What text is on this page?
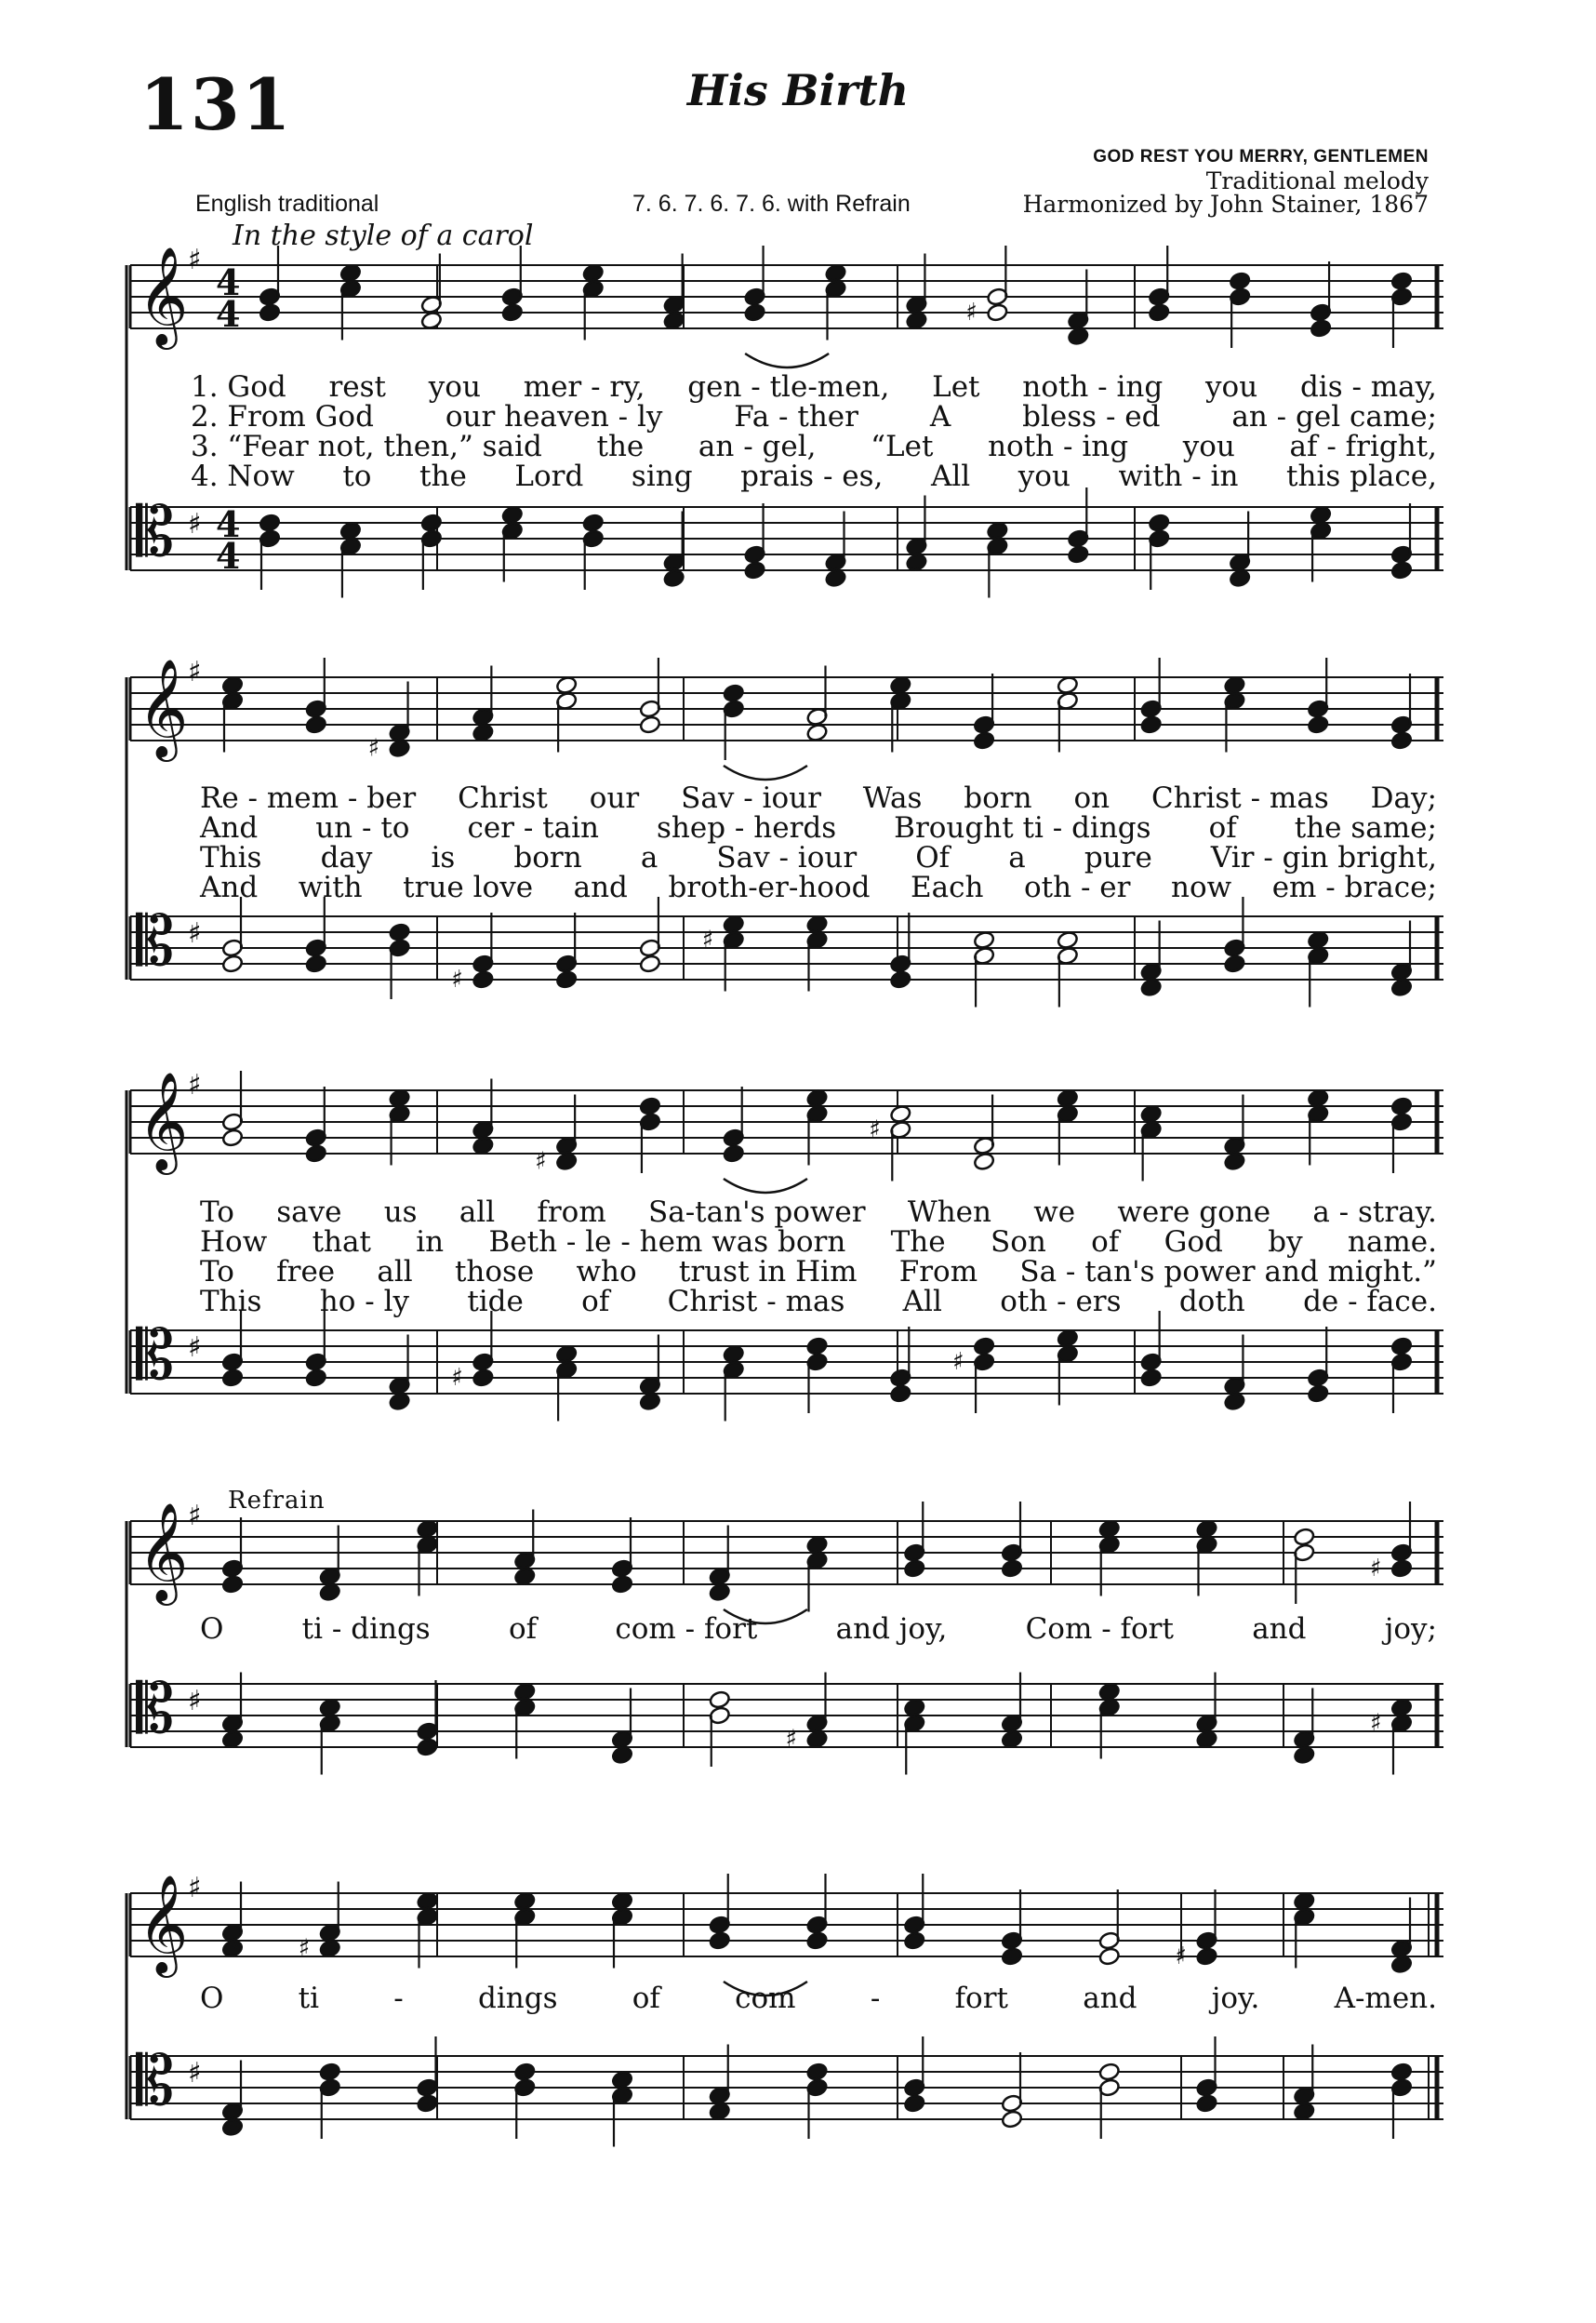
131	His Birth
GOD REST YOU MERRY, GENTLEMEN
Traditional melody
Harmonized by John Stainer, 1867
English traditional	7. 6. 7. 6. 7. 6. with Refrain
In the style of a carol
Refrain
𝄞 ♯
4
4
𝄡 ♯ 4
4
♯
𝄞 ♯
𝄡 ♯
♯
♯
♯
𝄞 ♯
𝄡 ♯
♯
♯
♯
♯
𝄞 ♯
𝄡 ♯
♯
♯
♯
𝄞 ♯
𝄡 ♯
♯	♯
1. God rest you mer - ry, gen - tle-men, Let noth - ing you dis - may,
2. From God our heaven - ly Fa - ther A bless - ed an - gel came;
3. “Fear not, then,” said the an - gel, “Let noth - ing you af - fright,
4. Now to the Lord sing prais - es, All you with - in this place,
Re - mem - ber Christ our Sav - iour Was born on Christ - mas Day;
And un - to cer - tain shep - herds Brought ti - dings of the same;
This day is born a Sav - iour Of a pure Vir - gin bright,
And with true love and broth-er-hood Each oth - er now em - brace;
To save us all from Sa-tan's power When we were gone a - stray.
How that in Beth - le - hem was born The Son of God by name.
To free all those who trust in Him From Sa - tan's power and might.”
This ho - ly tide of Christ - mas All oth - ers doth de - face.
O	ti - dings	of	com - fort	and joy,	Com - fort	and	joy;
O	ti	-	dings	of	com	-	fort	and	joy.	A-men.
